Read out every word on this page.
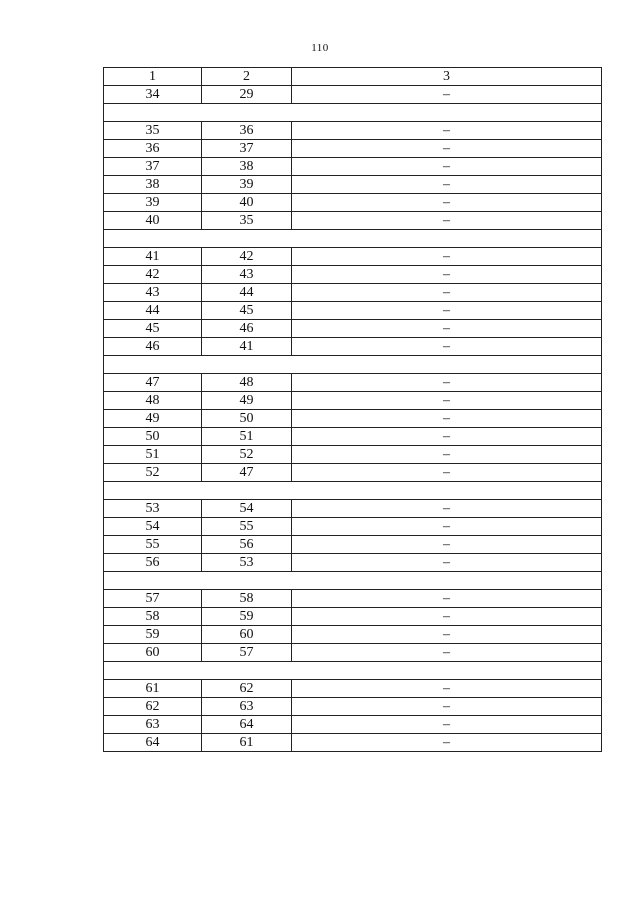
110
1	2	3
34	29	–

35	36	–
36	37	–
37	38	–
38	39	–
39	40	–
40	35	–

41	42	–
42	43	–
43	44	–
44	45	–
45	46	–
46	41	–

47	48	–
48	49	–
49	50	–
50	51	–
51	52	–
52	47	–

53	54	–
54	55	–
55	56	–
56	53	–

57	58	–
58	59	–
59	60	–
60	57	–

61	62	–
62	63	–
63	64	–
64	61	–
